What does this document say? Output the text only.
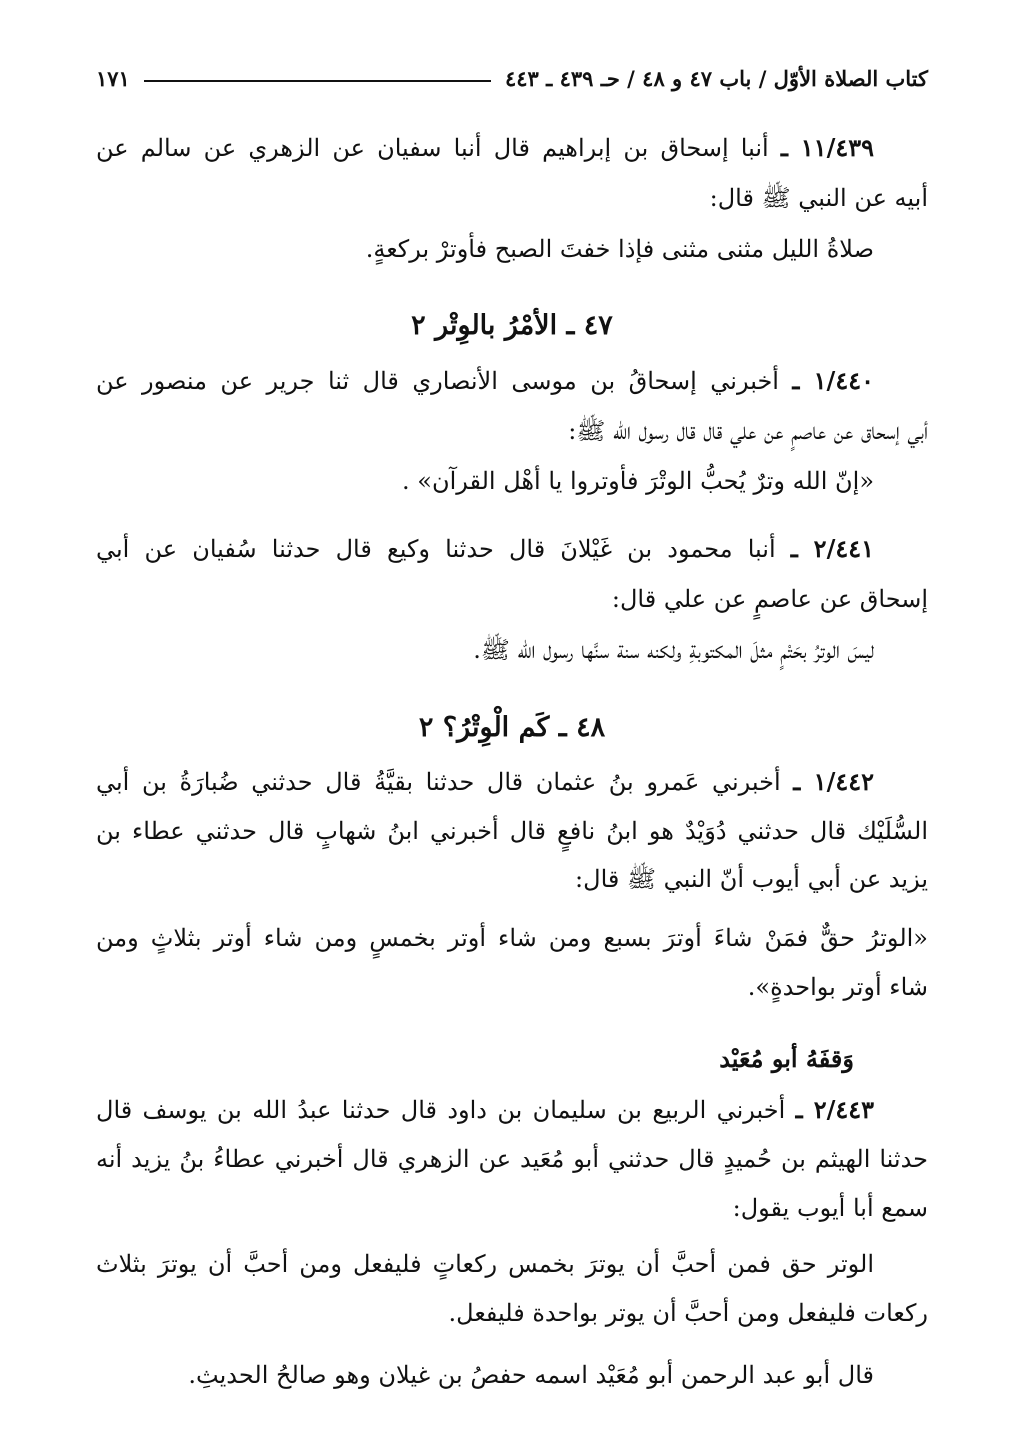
كتاب الصلاة الأوّل / باب ٤٧ و ٤٨ / حـ ٤٣٩ ـ ٤٤٣
١٧١
١١/٤٣٩ ـ أنبا إسحاق بن إبراهيم قال أنبا سفيان عن الزهري عن سالم عن
أبيه عن النبي ﷺ قال:
صلاةُ الليل مثنى مثنى فإذا خفتَ الصبح فأوترْ بركعةٍ.
٤٧ ـ الأمْرُ بالوِتْر ٢
١/٤٤٠ ـ أخبرني إسحاقُ بن موسى الأنصاري قال ثنا جرير عن منصور عن
أبي إسحاق عن عاصمٍ عن علي قال قال رسول الله ﷺ:
«إنّ الله وترٌ يُحبُّ الوتْرَ فأوتروا يا أهْل القرآن» .
٢/٤٤١ ـ أنبا محمود بن غَيْلانَ قال حدثنا وكيع قال حدثنا سُفيان عن أبي
إسحاق عن عاصمٍ عن علي قال:
ليسَ الوترُ بحَتْمٍ مثلَ المكتوبةِ ولكنه سنة سنَّها رسول الله ﷺ.
٤٨ ـ كَم الْوِتْرُ؟ ٢
١/٤٤٢ ـ أخبرني عَمرو بنُ عثمان قال حدثنا بقيَّةُ قال حدثني ضُبارَةُ بن أبي
السُّلَيْك قال حدثني دُوَيْدٌ هو ابنُ نافعٍ قال أخبرني ابنُ شهابٍ قال حدثني عطاء بن
يزيد عن أبي أيوب أنّ النبي ﷺ قال:
«الوترُ حقٌّ فمَنْ شاءَ أوترَ بسبع ومن شاء أوتر بخمسٍ ومن شاء أوتر بثلاثٍ ومن
شاء أوتر بواحدةٍ».
وَقفَهُ أبو مُعَيْد
٢/٤٤٣ ـ أخبرني الربيع بن سليمان بن داود قال حدثنا عبدُ الله بن يوسف قال
حدثنا الهيثم بن حُميدٍ قال حدثني أبو مُعَيد عن الزهري قال أخبرني عطاءُ بنُ يزيد أنه
سمع أبا أيوب يقول:
الوتر حق فمن أحبَّ أن يوترَ بخمس ركعاتٍ فليفعل ومن أحبَّ أن يوترَ بثلاث
ركعات فليفعل ومن أحبَّ أن يوتر بواحدة فليفعل.
قال أبو عبد الرحمن أبو مُعَيْد اسمه حفصُ بن غيلان وهو صالحُ الحديثِ.
